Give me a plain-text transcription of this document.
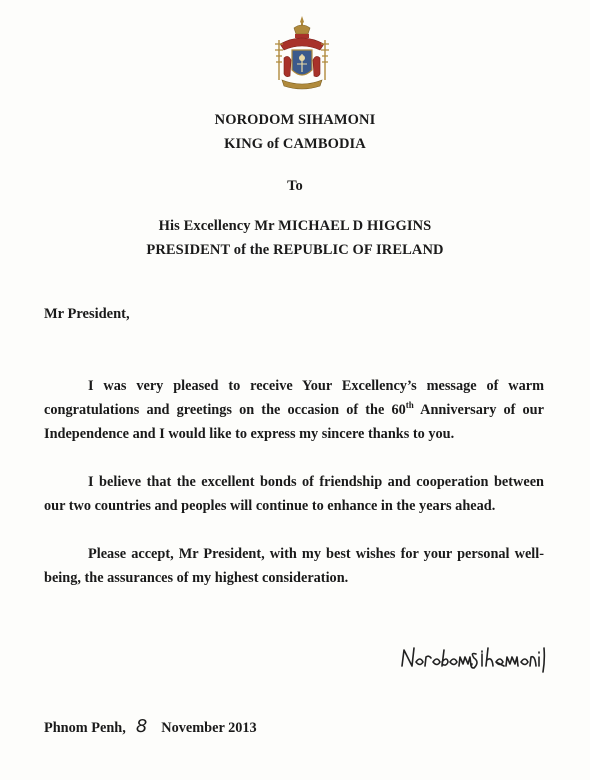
NORODOM SIHAMONI
KING of CAMBODIA
To
His Excellency Mr MICHAEL D HIGGINS
PRESIDENT of the REPUBLIC OF IRELAND
Mr President,
I was very pleased to receive Your Excellency’s message of warm congratulations and greetings on the occasion of the 60th Anniversary of our Independence and I would like to express my sincere thanks to you.
I believe that the excellent bonds of friendship and cooperation between our two countries and peoples will continue to enhance in the years ahead.
Please accept, Mr President, with my best wishes for your personal well-being, the assurances of my highest consideration.
Phnom Penh, 8 November 2013
